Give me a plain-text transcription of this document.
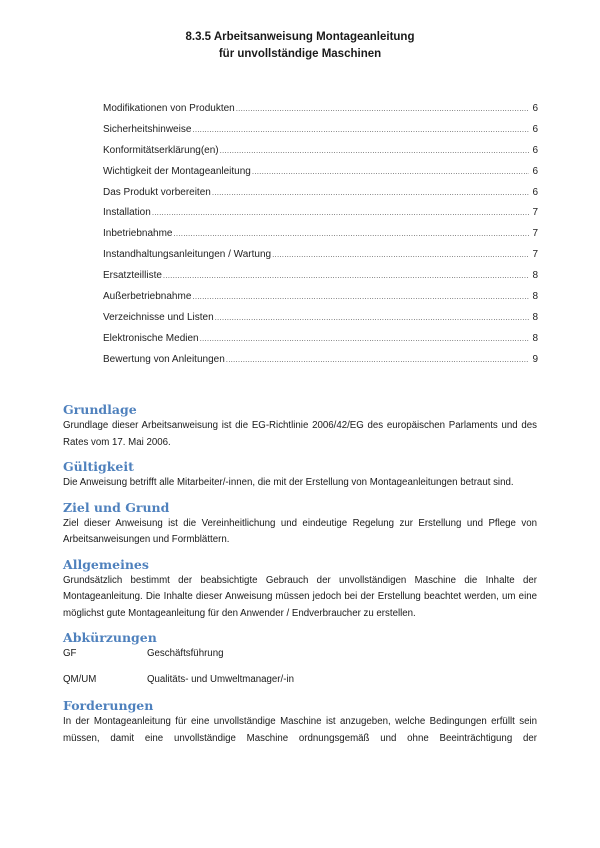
8.3.5 Arbeitsanweisung Montageanleitung
für unvollständige Maschinen
Modifikationen von Produkten .....	6
Sicherheitshinweise .....	6
Konformitätserklärung(en) .....	6
Wichtigkeit der Montageanleitung .....	6
Das Produkt vorbereiten .....	6
Installation .....	7
Inbetriebnahme .....	7
Instandhaltungsanleitungen / Wartung .....	7
Ersatzteilliste .....	8
Außerbetriebnahme .....	8
Verzeichnisse und Listen .....	8
Elektronische Medien .....	8
Bewertung von Anleitungen .....	9
Grundlage
Grundlage dieser Arbeitsanweisung ist die EG-Richtlinie 2006/42/EG des europäischen Parlaments und des Rates vom 17. Mai 2006.
Gültigkeit
Die Anweisung betrifft alle Mitarbeiter/-innen, die mit der Erstellung von Montageanleitungen betraut sind.
Ziel und Grund
Ziel dieser Anweisung ist die Vereinheitlichung und eindeutige Regelung zur Erstellung und Pflege von Arbeitsanweisungen und Formblättern.
Allgemeines
Grundsätzlich bestimmt der beabsichtigte Gebrauch der unvollständigen Maschine die Inhalte der Montageanleitung. Die Inhalte dieser Anweisung müssen jedoch bei der Erstellung beachtet werden, um eine möglichst gute Montageanleitung für den Anwender / Endverbraucher zu erstellen.
Abkürzungen
GF	Geschäftsführung
QM/UM	Qualitäts- und Umweltmanager/-in
Forderungen
In der Montageanleitung für eine unvollständige Maschine ist anzugeben, welche Bedingungen erfüllt sein müssen, damit eine unvollständige Maschine ordnungsgemäß und ohne Beeinträchtigung der
